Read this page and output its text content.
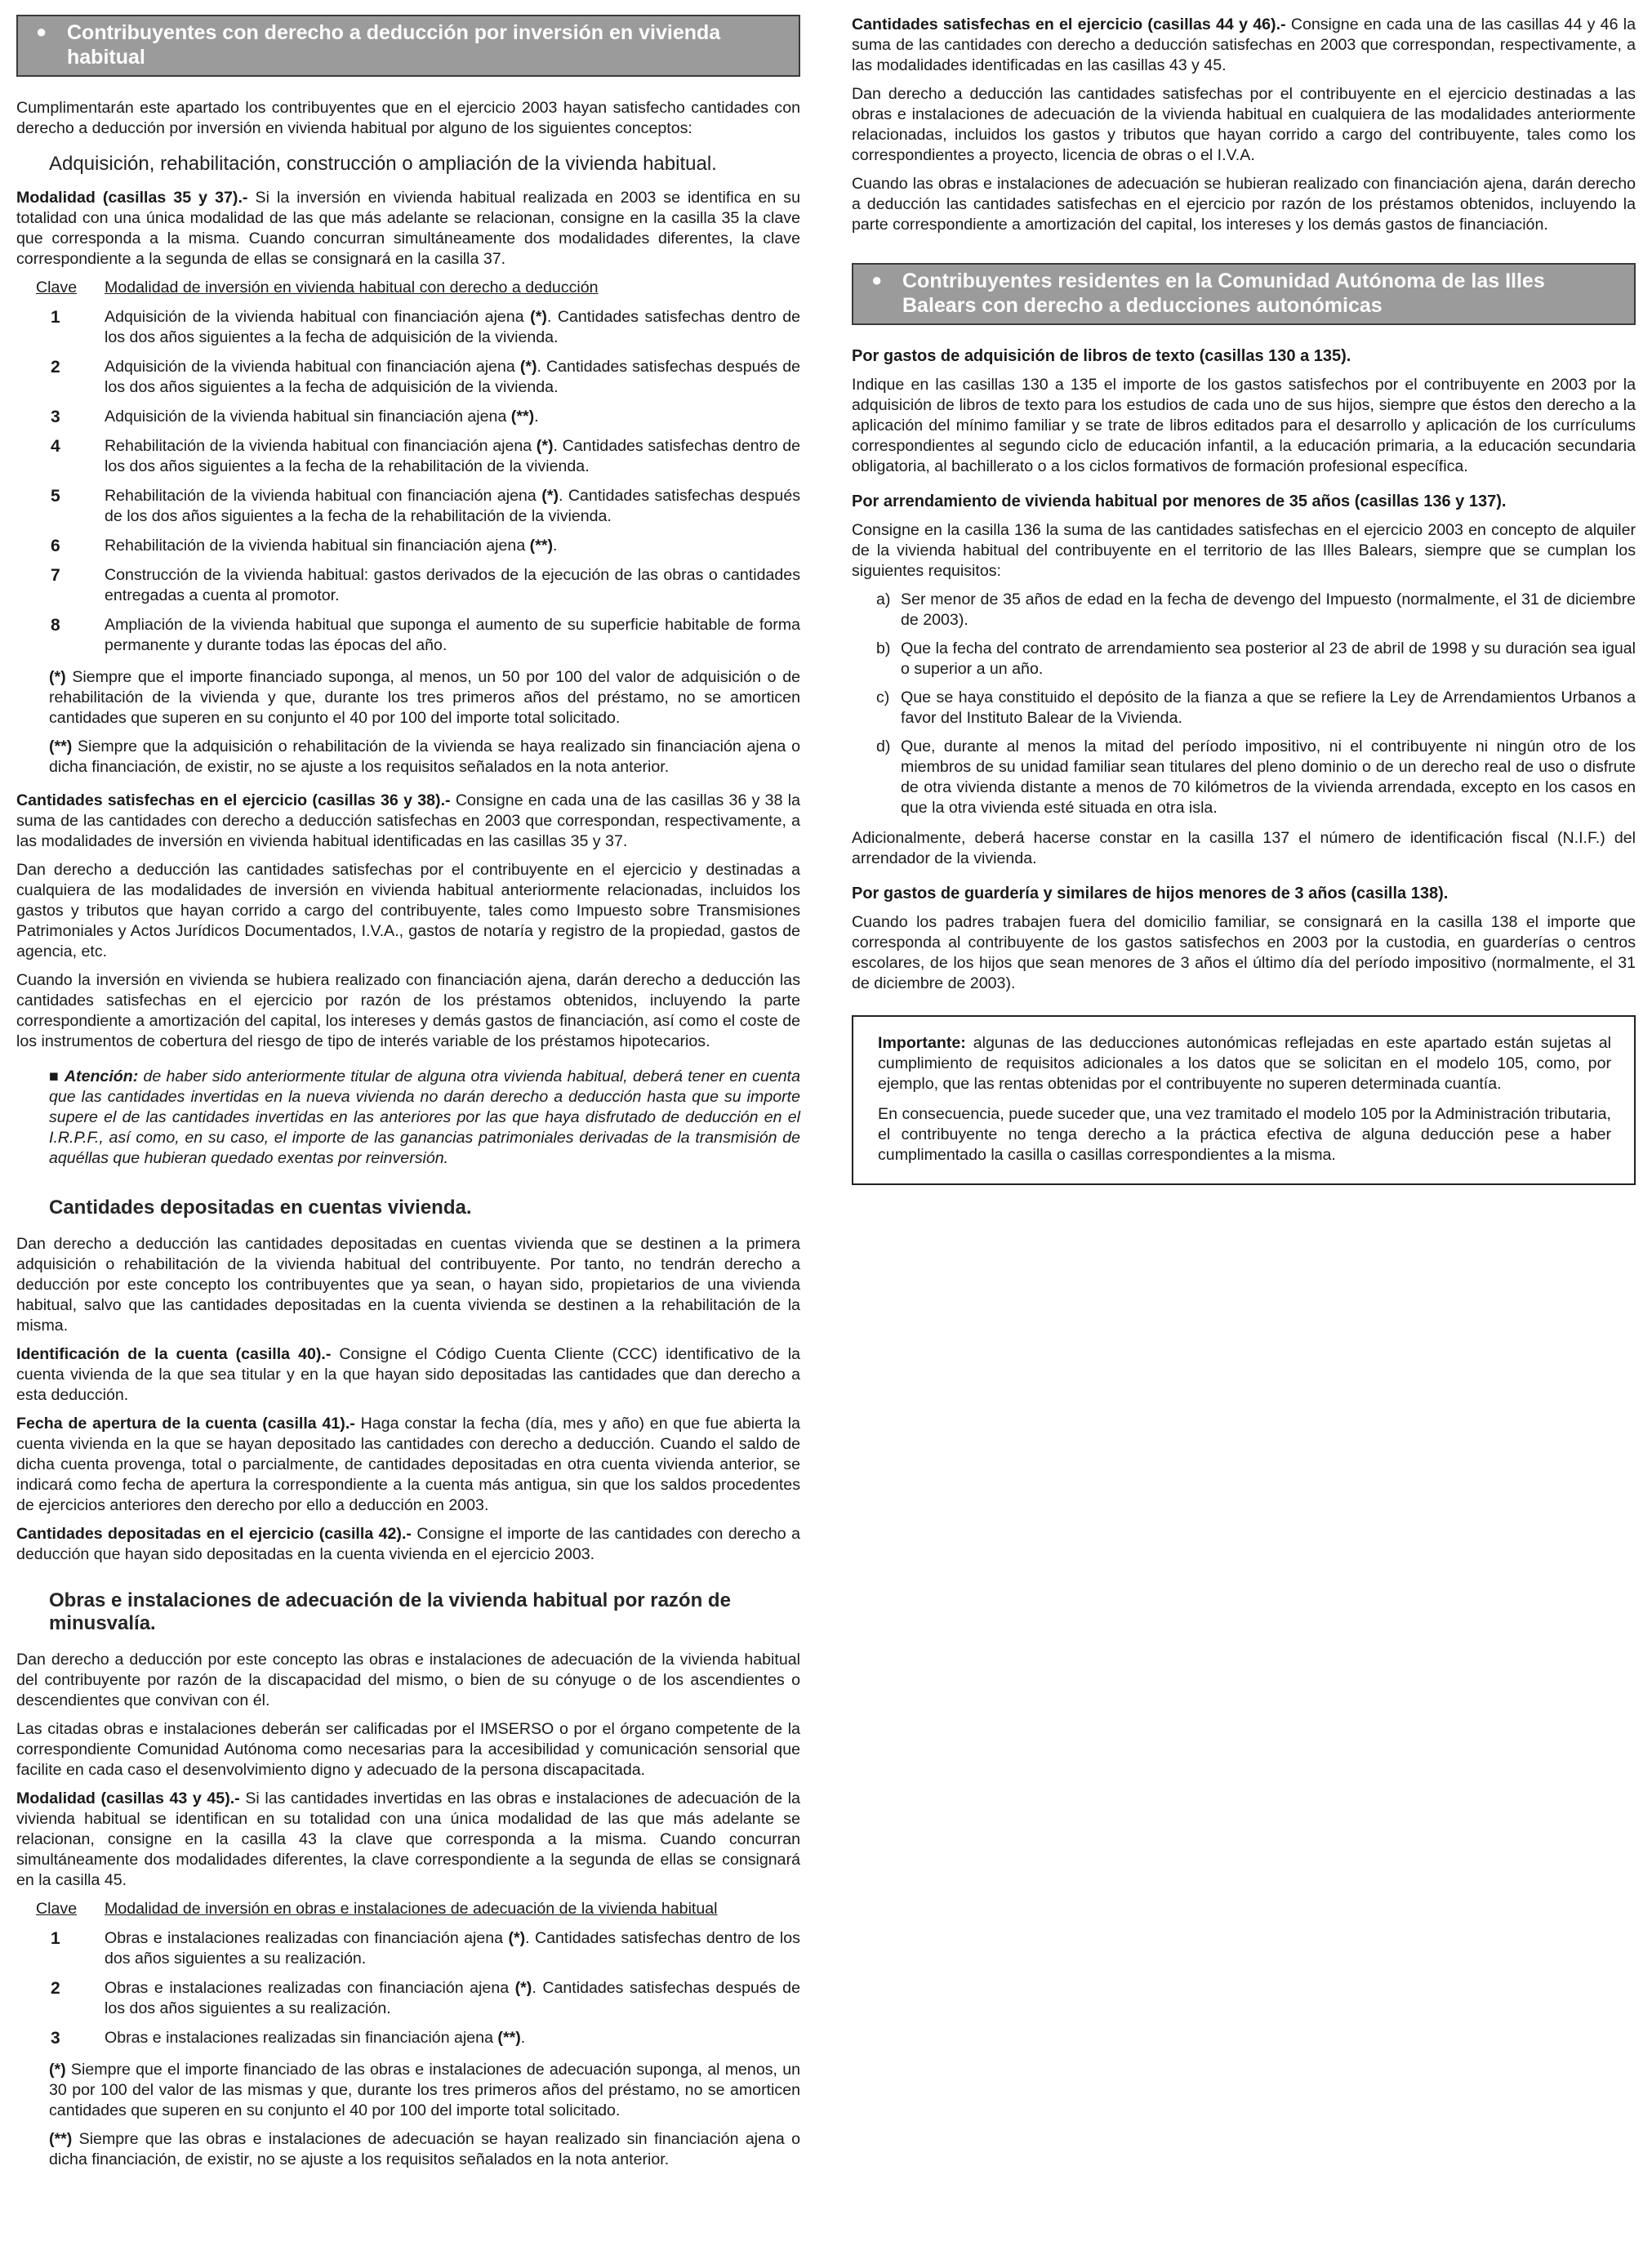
● Contribuyentes con derecho a deducción por inversión en vivienda habitual

Cumplimentarán este apartado los contribuyentes que en el ejercicio 2003 hayan satisfecho cantidades con derecho a deducción por inversión en vivienda habitual por alguno de los siguientes conceptos:

Adquisición, rehabilitación, construcción o ampliación de la vivienda habitual.

Modalidad (casillas 35 y 37).- Si la inversión en vivienda habitual realizada en 2003 se identifica en su totalidad con una única modalidad de las que más adelante se relacionan, consigne en la casilla 35 la clave que corresponda a la misma. Cuando concurran simultáneamente dos modalidades diferentes, la clave correspondiente a la segunda de ellas se consignará en la casilla 37.

Clave	Modalidad de inversión en vivienda habitual con derecho a deducción
1	Adquisición de la vivienda habitual con financiación ajena (*). Cantidades satisfechas dentro de los dos años siguientes a la fecha de adquisición de la vivienda.
2	Adquisición de la vivienda habitual con financiación ajena (*). Cantidades satisfechas después de los dos años siguientes a la fecha de adquisición de la vivienda.
3	Adquisición de la vivienda habitual sin financiación ajena (**).
4	Rehabilitación de la vivienda habitual con financiación ajena (*). Cantidades satisfechas dentro de los dos años siguientes a la fecha de la rehabilitación de la vivienda.
5	Rehabilitación de la vivienda habitual con financiación ajena (*). Cantidades satisfechas después de los dos años siguientes a la fecha de la rehabilitación de la vivienda.
6	Rehabilitación de la vivienda habitual sin financiación ajena (**).
7	Construcción de la vivienda habitual: gastos derivados de la ejecución de las obras o cantidades entregadas a cuenta al promotor.
8	Ampliación de la vivienda habitual que suponga el aumento de su superficie habitable de forma permanente y durante todas las épocas del año.

(*) Siempre que el importe financiado suponga, al menos, un 50 por 100 del valor de adquisición o de rehabilitación de la vivienda y que, durante los tres primeros años del préstamo, no se amorticen cantidades que superen en su conjunto el 40 por 100 del importe total solicitado.

(**) Siempre que la adquisición o rehabilitación de la vivienda se haya realizado sin financiación ajena o dicha financiación, de existir, no se ajuste a los requisitos señalados en la nota anterior.

Cantidades satisfechas en el ejercicio (casillas 36 y 38).- Consigne en cada una de las casillas 36 y 38 la suma de las cantidades con derecho a deducción satisfechas en 2003 que correspondan, respectivamente, a las modalidades de inversión en vivienda habitual identificadas en las casillas 35 y 37.

Dan derecho a deducción las cantidades satisfechas por el contribuyente en el ejercicio y destinadas a cualquiera de las modalidades de inversión en vivienda habitual anteriormente relacionadas, incluidos los gastos y tributos que hayan corrido a cargo del contribuyente, tales como Impuesto sobre Transmisiones Patrimoniales y Actos Jurídicos Documentados, I.V.A., gastos de notaría y registro de la propiedad, gastos de agencia, etc.

Cuando la inversión en vivienda se hubiera realizado con financiación ajena, darán derecho a deducción las cantidades satisfechas en el ejercicio por razón de los préstamos obtenidos, incluyendo la parte correspondiente a amortización del capital, los intereses y demás gastos de financiación, así como el coste de los instrumentos de cobertura del riesgo de tipo de interés variable de los préstamos hipotecarios.

■ Atención: de haber sido anteriormente titular de alguna otra vivienda habitual, deberá tener en cuenta que las cantidades invertidas en la nueva vivienda no darán derecho a deducción hasta que su importe supere el de las cantidades invertidas en las anteriores por las que haya disfrutado de deducción en el I.R.P.F., así como, en su caso, el importe de las ganancias patrimoniales derivadas de la transmisión de aquéllas que hubieran quedado exentas por reinversión.

Cantidades depositadas en cuentas vivienda.

Dan derecho a deducción las cantidades depositadas en cuentas vivienda que se destinen a la primera adquisición o rehabilitación de la vivienda habitual del contribuyente. Por tanto, no tendrán derecho a deducción por este concepto los contribuyentes que ya sean, o hayan sido, propietarios de una vivienda habitual, salvo que las cantidades depositadas en la cuenta vivienda se destinen a la rehabilitación de la misma.

Identificación de la cuenta (casilla 40).- Consigne el Código Cuenta Cliente (CCC) identificativo de la cuenta vivienda de la que sea titular y en la que hayan sido depositadas las cantidades que dan derecho a esta deducción.

Fecha de apertura de la cuenta (casilla 41).- Haga constar la fecha (día, mes y año) en que fue abierta la cuenta vivienda en la que se hayan depositado las cantidades con derecho a deducción. Cuando el saldo de dicha cuenta provenga, total o parcialmente, de cantidades depositadas en otra cuenta vivienda anterior, se indicará como fecha de apertura la correspondiente a la cuenta más antigua, sin que los saldos procedentes de ejercicios anteriores den derecho por ello a deducción en 2003.

Cantidades depositadas en el ejercicio (casilla 42).- Consigne el importe de las cantidades con derecho a deducción que hayan sido depositadas en la cuenta vivienda en el ejercicio 2003.

Obras e instalaciones de adecuación de la vivienda habitual por razón de minusvalía.

Dan derecho a deducción por este concepto las obras e instalaciones de adecuación de la vivienda habitual del contribuyente por razón de la discapacidad del mismo, o bien de su cónyuge o de los ascendientes o descendientes que convivan con él.

Las citadas obras e instalaciones deberán ser calificadas por el IMSERSO o por el órgano competente de la correspondiente Comunidad Autónoma como necesarias para la accesibilidad y comunicación sensorial que facilite en cada caso el desenvolvimiento digno y adecuado de la persona discapacitada.

Modalidad (casillas 43 y 45).- Si las cantidades invertidas en las obras e instalaciones de adecuación de la vivienda habitual se identifican en su totalidad con una única modalidad de las que más adelante se relacionan, consigne en la casilla 43 la clave que corresponda a la misma. Cuando concurran simultáneamente dos modalidades diferentes, la clave correspondiente a la segunda de ellas se consignará en la casilla 45.

Clave	Modalidad de inversión en obras e instalaciones de adecuación de la vivienda habitual
1	Obras e instalaciones realizadas con financiación ajena (*). Cantidades satisfechas dentro de los dos años siguientes a su realización.
2	Obras e instalaciones realizadas con financiación ajena (*). Cantidades satisfechas después de los dos años siguientes a su realización.
3	Obras e instalaciones realizadas sin financiación ajena (**).

(*) Siempre que el importe financiado de las obras e instalaciones de adecuación suponga, al menos, un 30 por 100 del valor de las mismas y que, durante los tres primeros años del préstamo, no se amorticen cantidades que superen en su conjunto el 40 por 100 del importe total solicitado.

(**) Siempre que las obras e instalaciones de adecuación se hayan realizado sin financiación ajena o dicha financiación, de existir, no se ajuste a los requisitos señalados en la nota anterior.

Cantidades satisfechas en el ejercicio (casillas 44 y 46).- Consigne en cada una de las casillas 44 y 46 la suma de las cantidades con derecho a deducción satisfechas en 2003 que correspondan, respectivamente, a las modalidades identificadas en las casillas 43 y 45.

Dan derecho a deducción las cantidades satisfechas por el contribuyente en el ejercicio destinadas a las obras e instalaciones de adecuación de la vivienda habitual en cualquiera de las modalidades anteriormente relacionadas, incluidos los gastos y tributos que hayan corrido a cargo del contribuyente, tales como los correspondientes a proyecto, licencia de obras o el I.V.A.

Cuando las obras e instalaciones de adecuación se hubieran realizado con financiación ajena, darán derecho a deducción las cantidades satisfechas en el ejercicio por razón de los préstamos obtenidos, incluyendo la parte correspondiente a amortización del capital, los intereses y los demás gastos de financiación.

● Contribuyentes residentes en la Comunidad Autónoma de las Illes Balears con derecho a deducciones autonómicas

Por gastos de adquisición de libros de texto (casillas 130 a 135).

Indique en las casillas 130 a 135 el importe de los gastos satisfechos por el contribuyente en 2003 por la adquisición de libros de texto para los estudios de cada uno de sus hijos, siempre que éstos den derecho a la aplicación del mínimo familiar y se trate de libros editados para el desarrollo y aplicación de los currículums correspondientes al segundo ciclo de educación infantil, a la educación primaria, a la educación secundaria obligatoria, al bachillerato o a los ciclos formativos de formación profesional específica.

Por arrendamiento de vivienda habitual por menores de 35 años (casillas 136 y 137).

Consigne en la casilla 136 la suma de las cantidades satisfechas en el ejercicio 2003 en concepto de alquiler de la vivienda habitual del contribuyente en el territorio de las Illes Balears, siempre que se cumplan los siguientes requisitos:

a) Ser menor de 35 años de edad en la fecha de devengo del Impuesto (normalmente, el 31 de diciembre de 2003).
b) Que la fecha del contrato de arrendamiento sea posterior al 23 de abril de 1998 y su duración sea igual o superior a un año.
c) Que se haya constituido el depósito de la fianza a que se refiere la Ley de Arrendamientos Urbanos a favor del Instituto Balear de la Vivienda.
d) Que, durante al menos la mitad del período impositivo, ni el contribuyente ni ningún otro de los miembros de su unidad familiar sean titulares del pleno dominio o de un derecho real de uso o disfrute de otra vivienda distante a menos de 70 kilómetros de la vivienda arrendada, excepto en los casos en que la otra vivienda esté situada en otra isla.

Adicionalmente, deberá hacerse constar en la casilla 137 el número de identificación fiscal (N.I.F.) del arrendador de la vivienda.

Por gastos de guardería y similares de hijos menores de 3 años (casilla 138).

Cuando los padres trabajen fuera del domicilio familiar, se consignará en la casilla 138 el importe que corresponda al contribuyente de los gastos satisfechos en 2003 por la custodia, en guarderías o centros escolares, de los hijos que sean menores de 3 años el último día del período impositivo (normalmente, el 31 de diciembre de 2003).

Importante: algunas de las deducciones autonómicas reflejadas en este apartado están sujetas al cumplimiento de requisitos adicionales a los datos que se solicitan en el modelo 105, como, por ejemplo, que las rentas obtenidas por el contribuyente no superen determinada cuantía.

En consecuencia, puede suceder que, una vez tramitado el modelo 105 por la Administración tributaria, el contribuyente no tenga derecho a la práctica efectiva de alguna deducción pese a haber cumplimentado la casilla o casillas correspondientes a la misma.
